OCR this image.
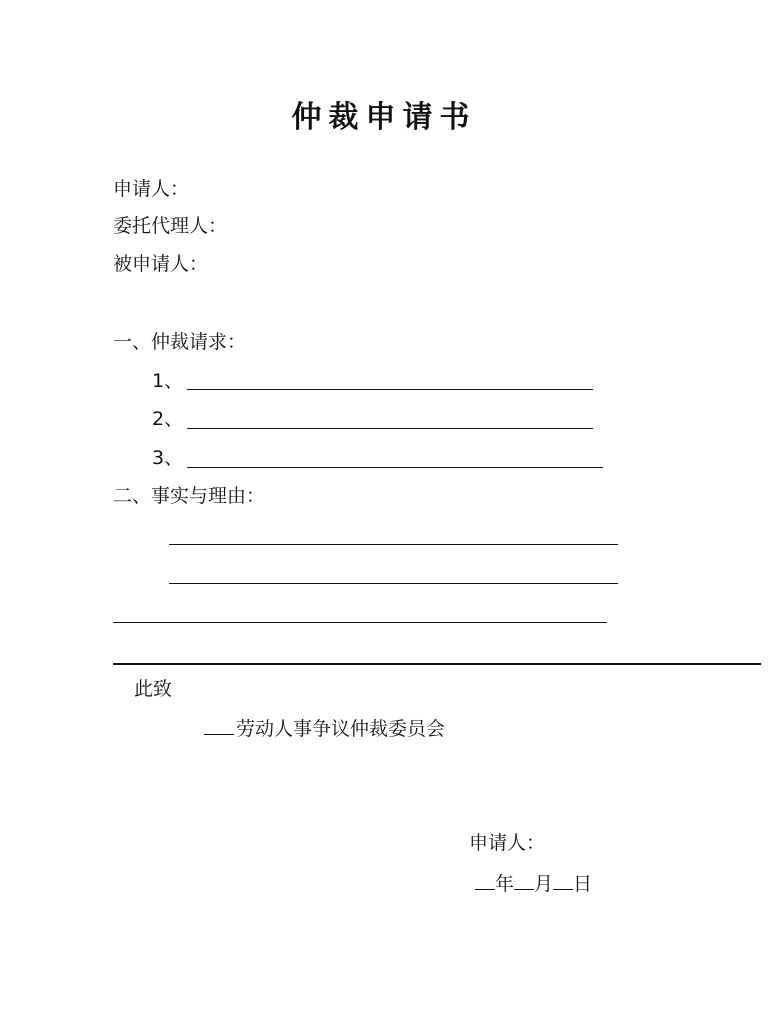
仲裁申请书
申请人：
委托代理人：
被申请人：
一、仲裁请求：
1、
2、
3、
二、事实与理由：
此致
劳动人事争议仲裁委员会
申请人：
年 月 日
